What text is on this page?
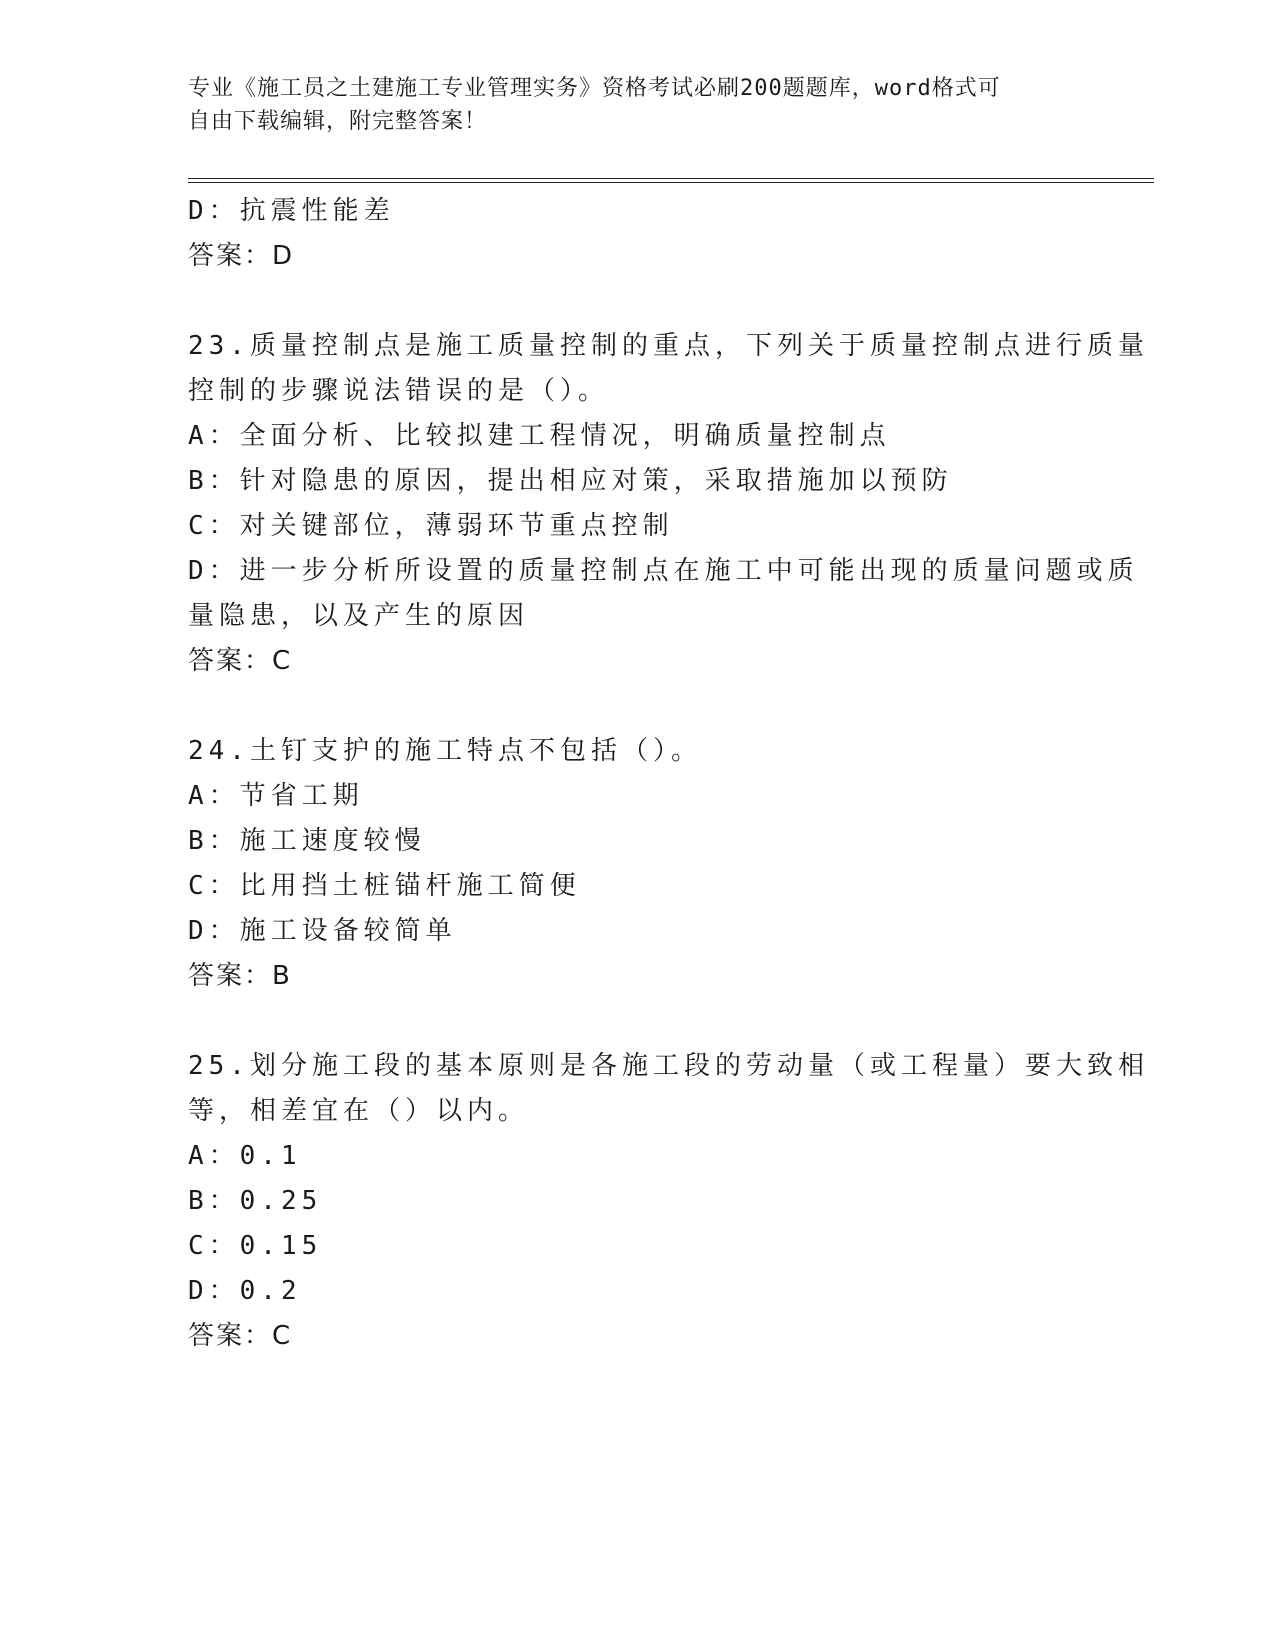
专业《施工员之土建施工专业管理实务》资格考试必刷200题题库，word格式可
自由下载编辑，附完整答案！
D：抗震性能差
答案：D
23.质量控制点是施工质量控制的重点，下列关于质量控制点进行质量
控制的步骤说法错误的是（）。
A：全面分析、比较拟建工程情况，明确质量控制点
B：针对隐患的原因，提出相应对策，采取措施加以预防
C：对关键部位，薄弱环节重点控制
D：进一步分析所设置的质量控制点在施工中可能出现的质量问题或质
量隐患，以及产生的原因
答案：C
24.土钉支护的施工特点不包括（）。
A：节省工期
B：施工速度较慢
C：比用挡土桩锚杆施工简便
D：施工设备较简单
答案：B
25.划分施工段的基本原则是各施工段的劳动量（或工程量）要大致相
等，相差宜在（）以内。
A：0.1
B：0.25
C：0.15
D：0.2
答案：C
